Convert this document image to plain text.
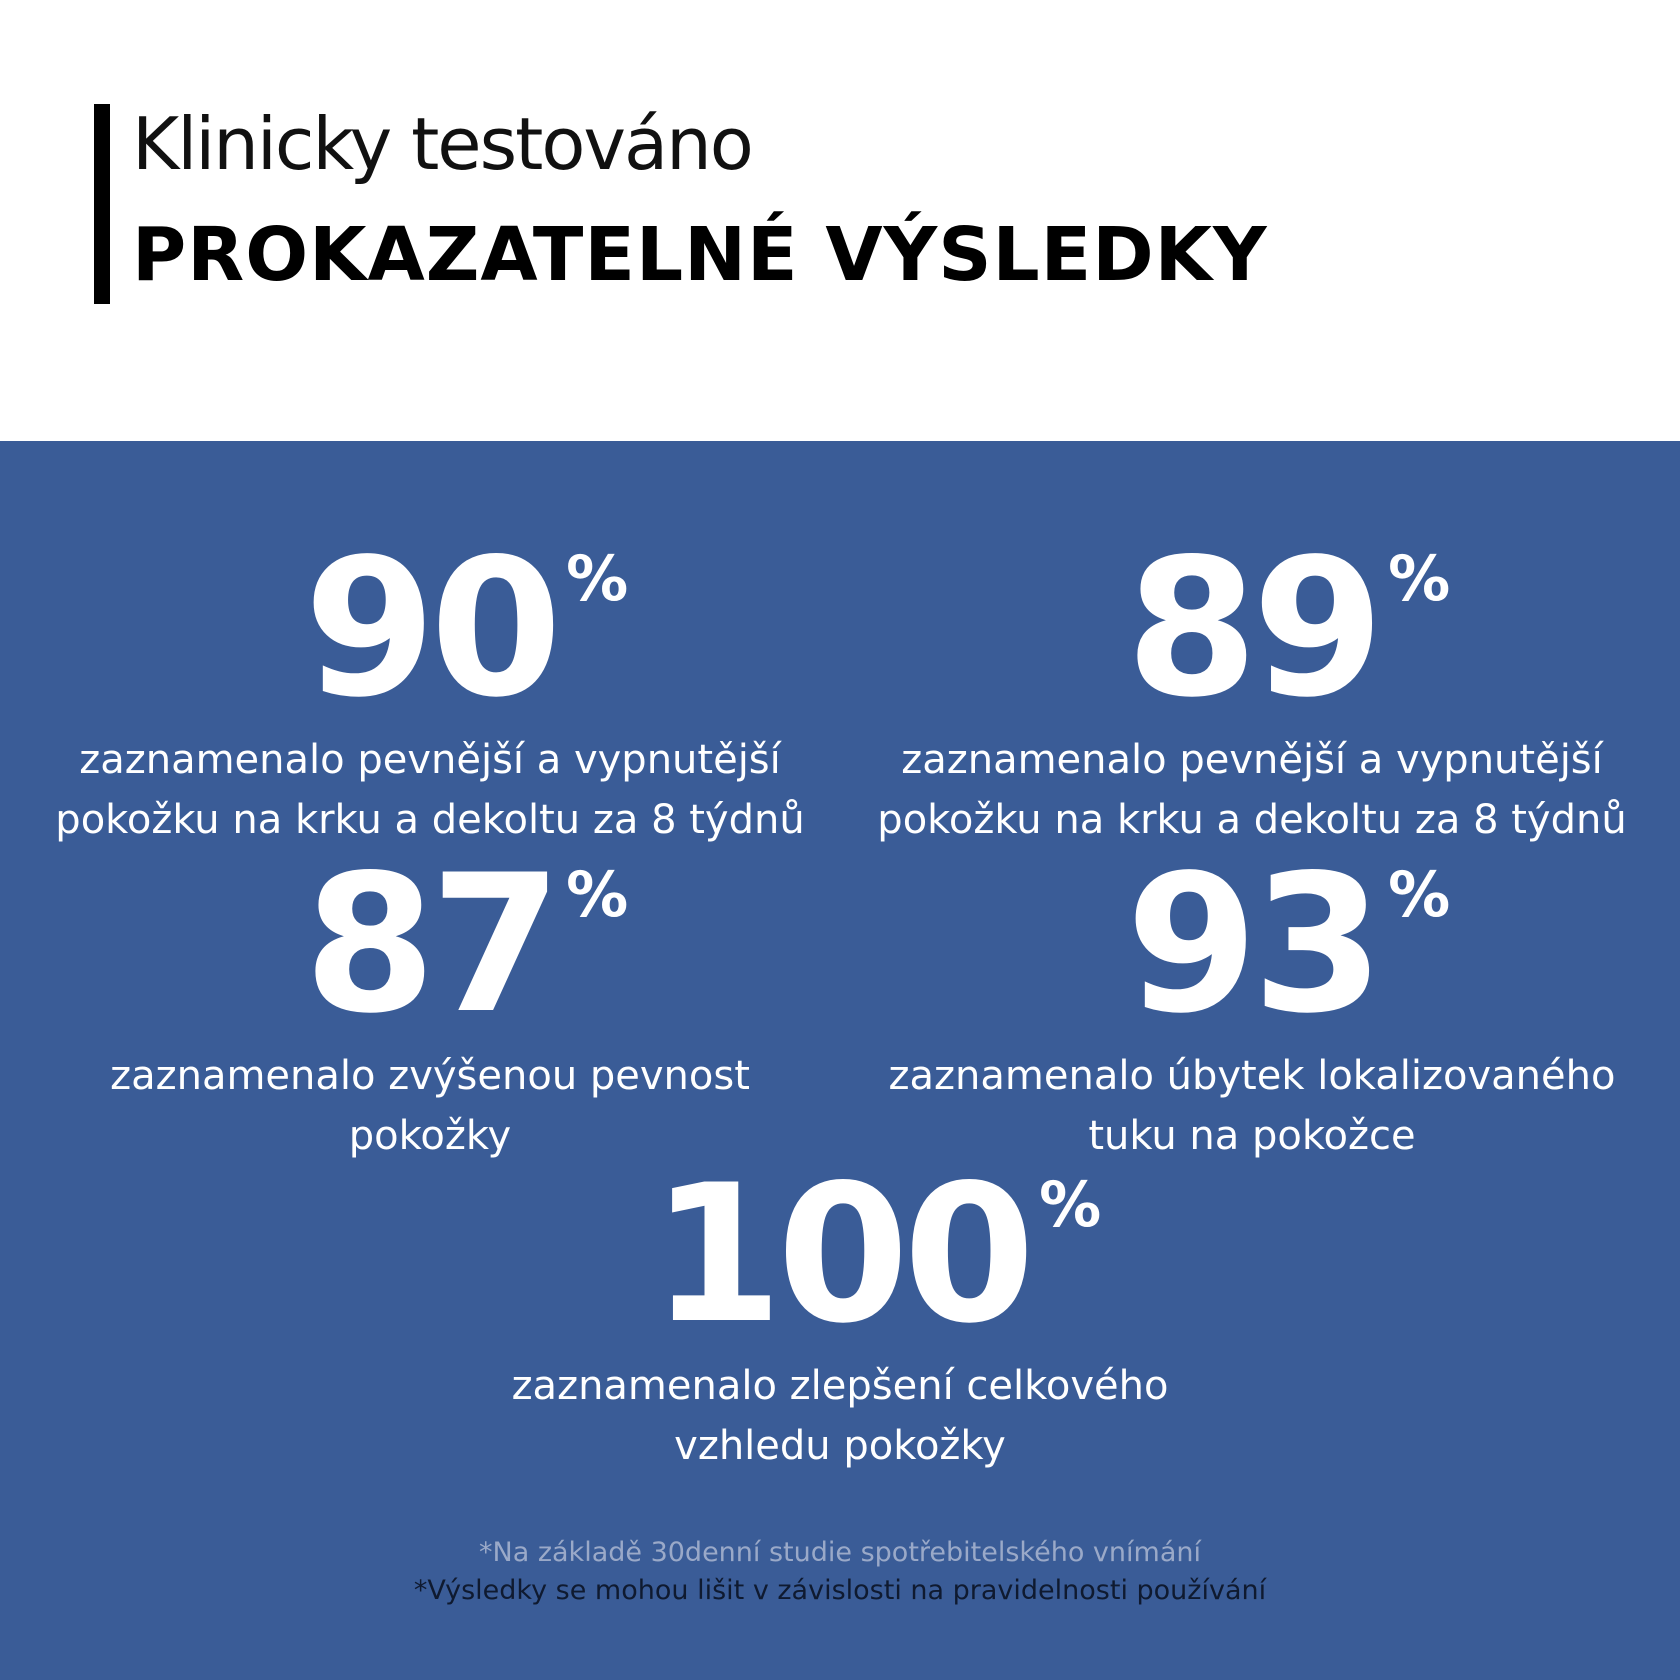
Klinicky testováno
PROKAZATELNÉ VÝSLEDKY
90 %
zaznamenalo pevnější a vypnutější
pokožku na krku a dekoltu za 8 týdnů
89 %
zaznamenalo pevnější a vypnutější
pokožku na krku a dekoltu za 8 týdnů
87 %
zaznamenalo zvýšenou pevnost
pokožky
93 %
zaznamenalo úbytek lokalizovaného
tuku na pokožce
100 %
zaznamenalo zlepšení celkového
vzhledu pokožky
*Na základě 30denní studie spotřebitelského vnímání
*Výsledky se mohou lišit v závislosti na pravidelnosti používání
